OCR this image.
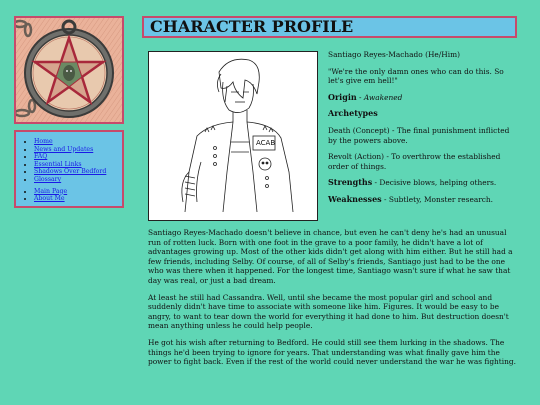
• Home
• News and Updates
• FAQ
• Essential Links
• Shadows Over Bedford
• Glossary
• Main Page
• About Me
CHARACTER PROFILE
ACAB

Santiago Reyes-Machado (He/Him)

"We're the only damn ones who can do this. So let's give em hell!"

Origin - Awakened

Archetypes

Death (Concept) - The final punishment inflicted by the powers above.

Revolt (Action) - To overthrow the established order of things.

Strengths - Decisive blows, helping others.

Weaknesses - Subtlety, Monster research.

Santiago Reyes-Machado doesn't believe in chance, but even he can't deny he's had an unusual run of rotten luck. Born with one foot in the grave to a poor family, he didn't have a lot of advantages growing up. Most of the other kids didn't get along with him either. But he still had a few friends, including Selby. Of course, of all of Selby's friends, Santiago just had to be the one who was there when it happened. For the longest time, Santiago wasn't sure if what he saw that day was real, or just a bad dream.

At least he still had Cassandra. Well, until she became the most popular girl and school and suddenly didn't have time to associate with someone like him. Figures. It would be easy to be angry, to want to tear down the world for everything it had done to him. But destruction doesn't mean anything unless he could help people.

He got his wish after returning to Bedford. He could still see them lurking in the shadows. The things he'd been trying to ignore for years. That understanding was what finally gave him the power to fight back. Even if the rest of the world could never understand the war he was fighting.
